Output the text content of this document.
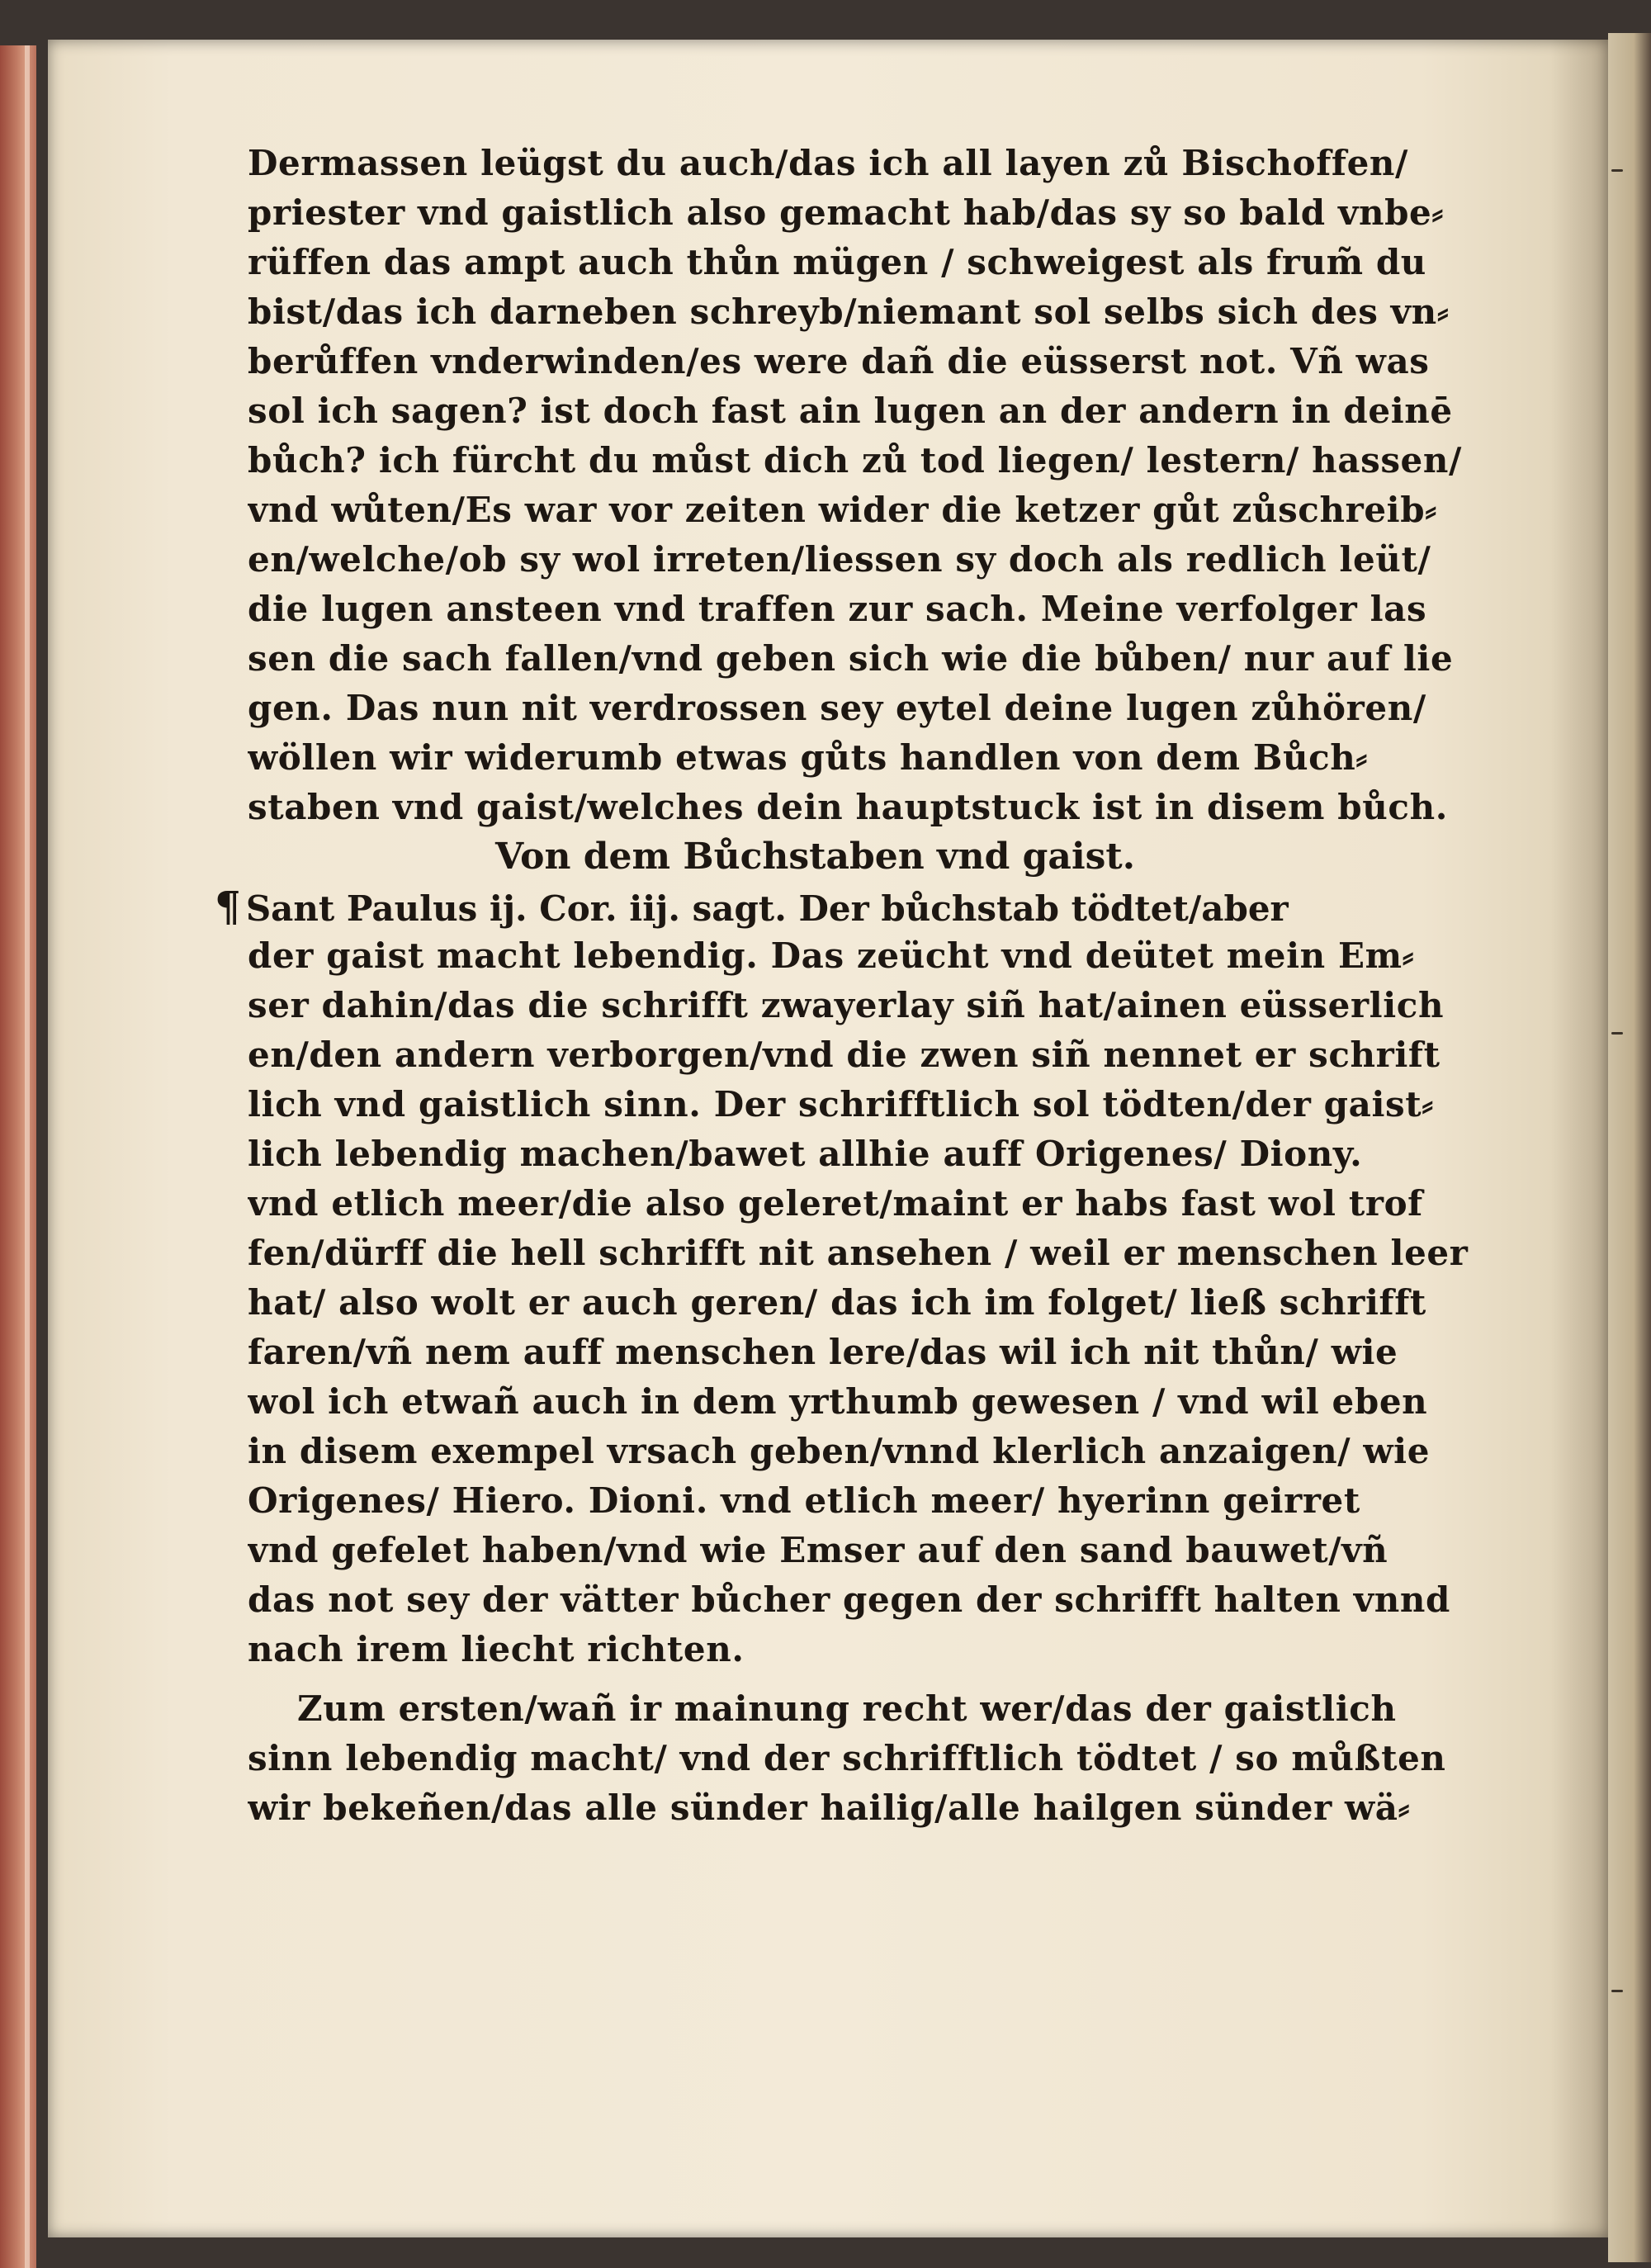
Dermassen leügst du auch/das ich all layen zů Bischoffen/
priester vnd gaistlich also gemacht hab/das sy so bald vnbe⸗
rüffen das ampt auch thůn mügen / schweigest als frum̃ du
bist/das ich darneben schreyb/niemant sol selbs sich des vn⸗
berůffen vnderwinden/es were dañ die eüsserst not. Vñ was
sol ich sagen? ist doch fast ain lugen an der andern in deinē
bůch? ich fürcht du můst dich zů tod liegen/ lestern/ hassen/
vnd wůten/Es war vor zeiten wider die ketzer gůt zůschreib⸗
en/welche/ob sy wol irreten/liessen sy doch als redlich leüt/
die lugen ansteen vnd traffen zur sach. Meine verfolger las
sen die sach fallen/vnd geben sich wie die bůben/ nur auf lie
gen. Das nun nit verdrossen sey eytel deine lugen zůhören/
wöllen wir widerumb etwas gůts handlen von dem Bůch⸗
staben vnd gaist/welches dein hauptstuck ist in disem bůch.
Von dem Bůchstaben vnd gaist.
¶ Sant Paulus ij. Cor. iij. sagt. Der bůchstab tödtet/aber
der gaist macht lebendig. Das zeücht vnd deütet mein Em⸗
ser dahin/das die schrifft zwayerlay siñ hat/ainen eüsserlich
en/den andern verborgen/vnd die zwen siñ nennet er schrift
lich vnd gaistlich sinn. Der schrifftlich sol tödten/der gaist⸗
lich lebendig machen/bawet allhie auff Origenes/ Diony.
vnd etlich meer/die also geleret/maint er habs fast wol trof
fen/dürff die hell schrifft nit ansehen / weil er menschen leer
hat/ also wolt er auch geren/ das ich im folget/ ließ schrifft
faren/vñ nem auff menschen lere/das wil ich nit thůn/ wie
wol ich etwañ auch in dem yrthumb gewesen / vnd wil eben
in disem exempel vrsach geben/vnnd klerlich anzaigen/ wie
Origenes/ Hiero. Dioni. vnd etlich meer/ hyerinn geirret
vnd gefelet haben/vnd wie Emser auf den sand bauwet/vñ
das not sey der vätter bůcher gegen der schrifft halten vnnd
nach irem liecht richten.
Zum ersten/wañ ir mainung recht wer/das der gaistlich
sinn lebendig macht/ vnd der schrifftlich tödtet / so můßten
wir bekeñen/das alle sünder hailig/alle hailgen sünder wä⸗
